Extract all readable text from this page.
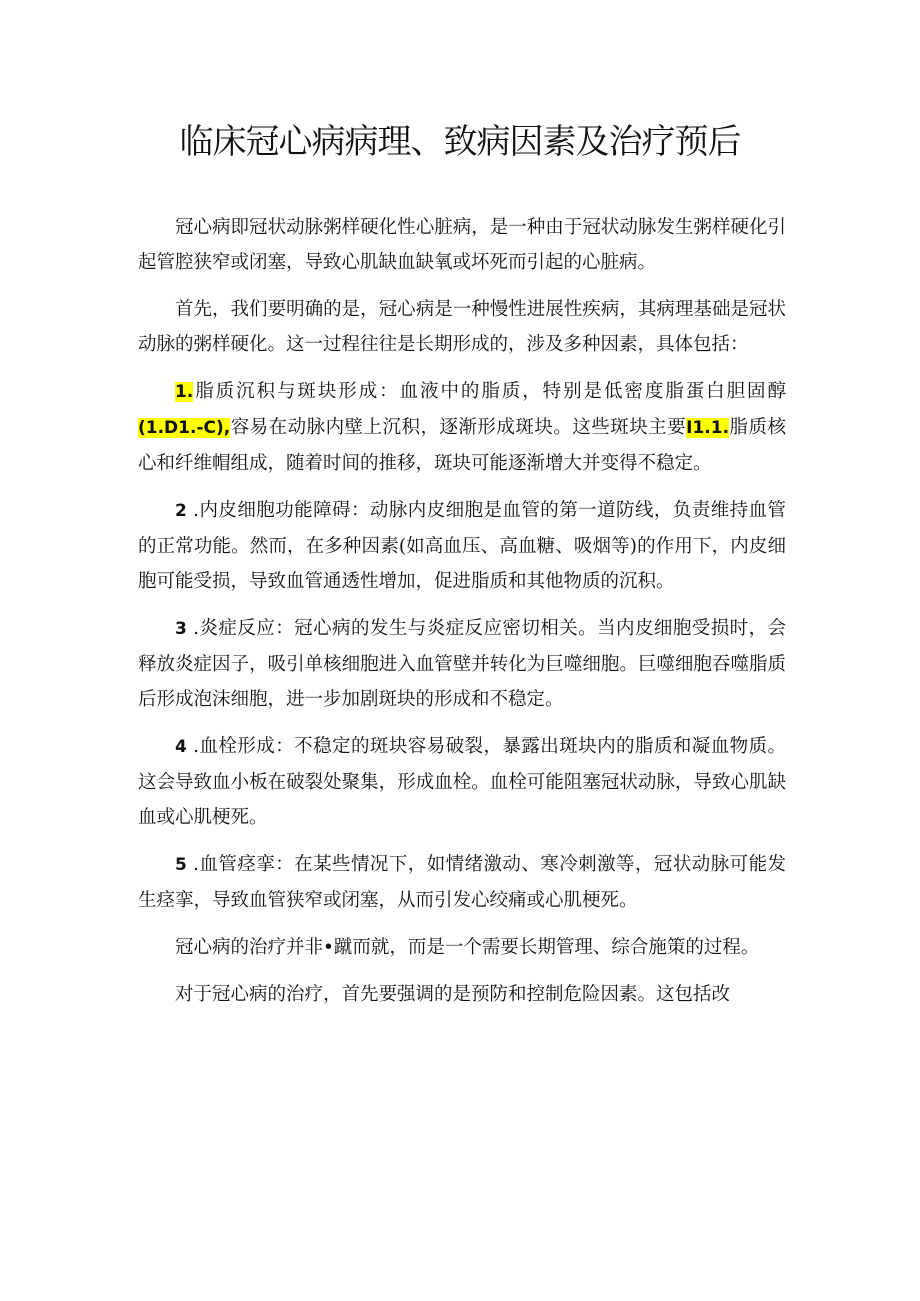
临床冠心病病理、致病因素及治疗预后

冠心病即冠状动脉粥样硬化性心脏病，是一种由于冠状动脉发生粥样硬化引起管腔狭窄或闭塞，导致心肌缺血缺氧或坏死而引起的心脏病。

首先，我们要明确的是，冠心病是一种慢性进展性疾病，其病理基础是冠状动脉的粥样硬化。这一过程往往是长期形成的，涉及多种因素，具体包括：

1.脂质沉积与斑块形成：血液中的脂质，特别是低密度脂蛋白胆固醇(1.D1.-C),容易在动脉内壁上沉积，逐渐形成斑块。这些斑块主要I1.1.脂质核心和纤维帽组成，随着时间的推移，斑块可能逐渐增大并变得不稳定。

2 .内皮细胞功能障碍：动脉内皮细胞是血管的第一道防线，负责维持血管的正常功能。然而，在多种因素(如高血压、高血糖、吸烟等)的作用下，内皮细胞可能受损，导致血管通透性增加，促进脂质和其他物质的沉积。

3 .炎症反应：冠心病的发生与炎症反应密切相关。当内皮细胞受损时，会释放炎症因子，吸引单核细胞进入血管壁并转化为巨噬细胞。巨噬细胞吞噬脂质后形成泡沫细胞，进一步加剧斑块的形成和不稳定。

4 .血栓形成：不稳定的斑块容易破裂，暴露出斑块内的脂质和凝血物质。这会导致血小板在破裂处聚集，形成血栓。血栓可能阻塞冠状动脉，导致心肌缺血或心肌梗死。

5 .血管痉挛：在某些情况下，如情绪激动、寒冷刺激等，冠状动脉可能发生痉挛，导致血管狭窄或闭塞，从而引发心绞痛或心肌梗死。

冠心病的治疗并非•蹴而就，而是一个需要长期管理、综合施策的过程。

对于冠心病的治疗，首先要强调的是预防和控制危险因素。这包括改
